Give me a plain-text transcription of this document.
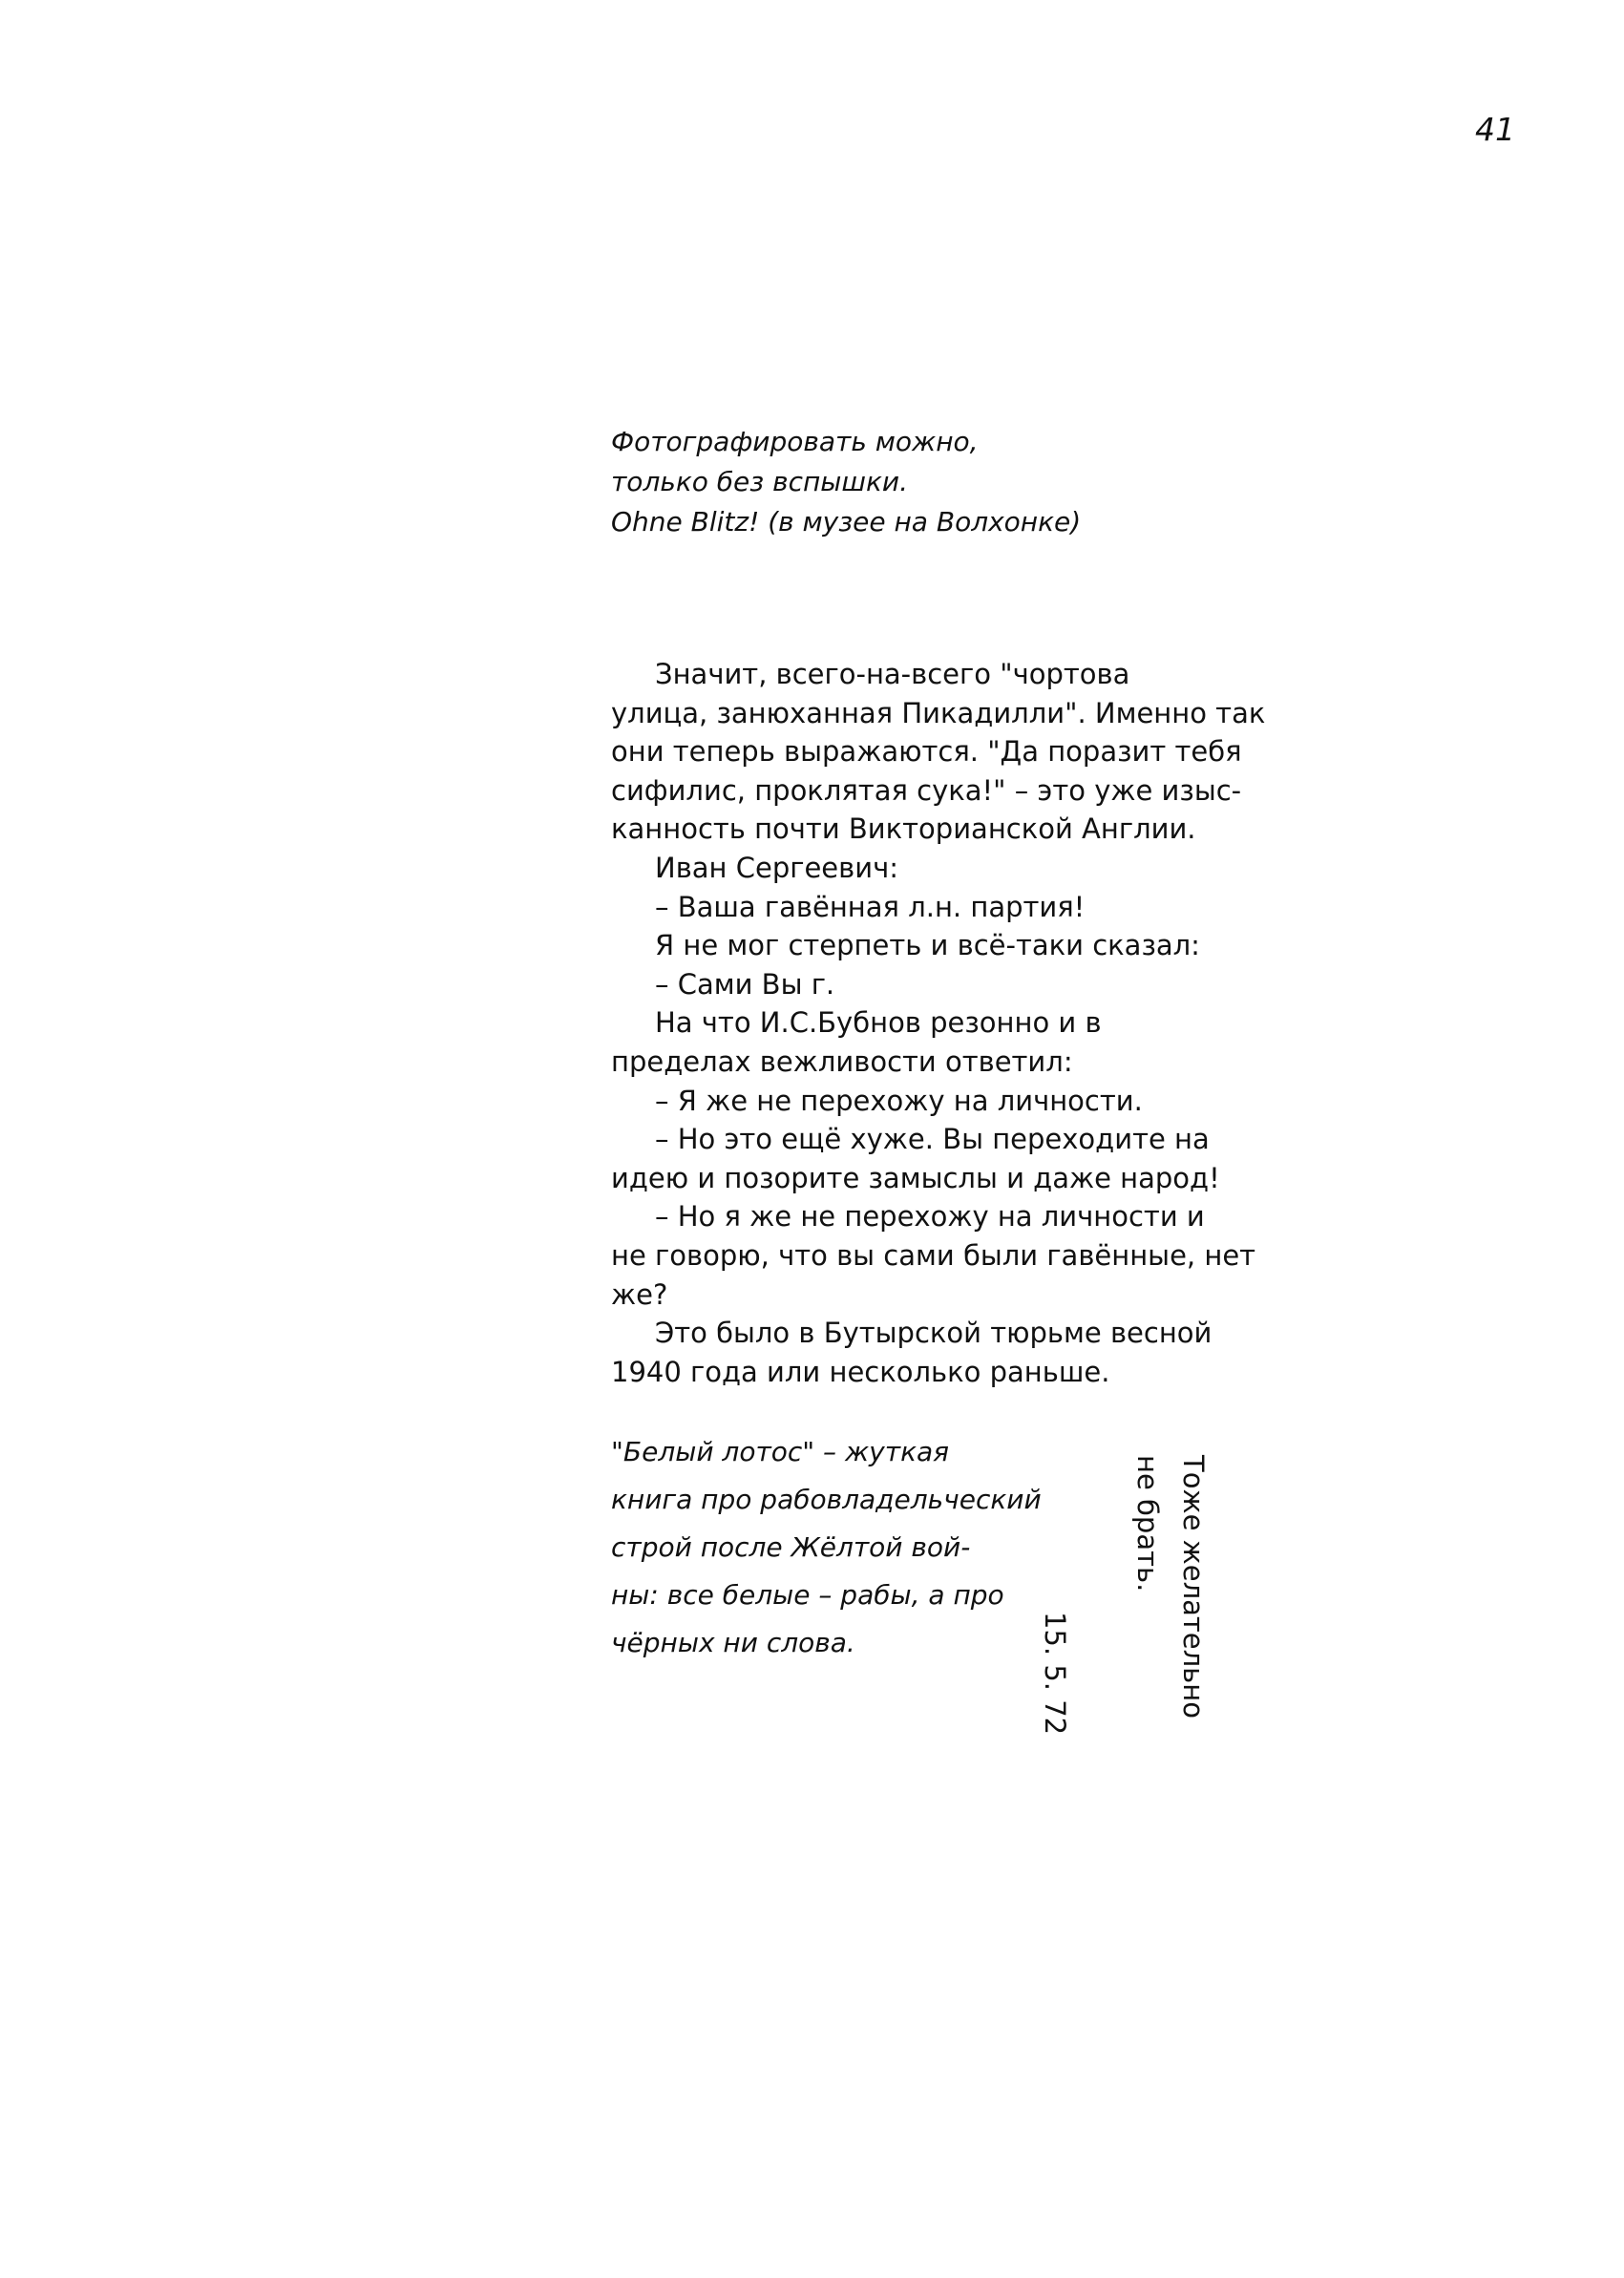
41
Фотографировать можно,
только без вспышки.
Ohne Blitz! (в музее на Волхонке)
Значит, всего-на-всего "чортова
улица, занюханная Пикадилли". Именно так
они теперь выражаются. "Да поразит тебя
сифилис, проклятая сука!" – это уже изыс-
канность почти Викторианской Англии.
Иван Сергеевич:
– Ваша гавённая л.н. партия!
Я не мог стерпеть и всё-таки сказал:
– Сами Вы г.
На что И.С.Бубнов резонно и в
пределах вежливости ответил:
– Я же не перехожу на личности.
– Но это ещё хуже. Вы переходите на
идею и позорите замыслы и даже народ!
– Но я же не перехожу на личности и
не говорю, что вы сами были гавённые, нет
же?
Это было в Бутырской тюрьме весной
1940 года или несколько раньше.
"Белый лотос" – жуткая
книга про рабовладельческий
строй после Жёлтой вой-
ны: все белые – рабы, а про
чёрных ни слова.	15. 5. 72	Тоже желательно
не брать.
